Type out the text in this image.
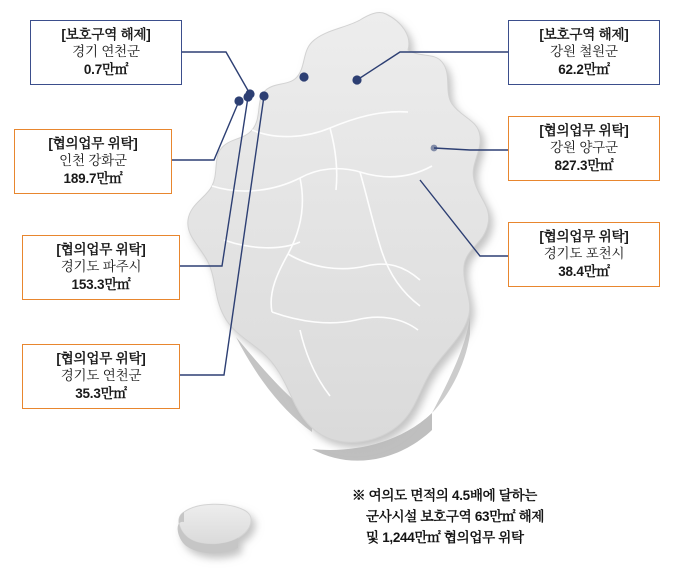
[보호구역 해제]
경기 연천군
0.7만㎡
[보호구역 해제]
강원 철원군
62.2만㎡
[협의업무 위탁]
인천 강화군
189.7만㎡
[협의업무 위탁]
강원 양구군
827.3만㎡
[협의업무 위탁]
경기도 파주시
153.3만㎡
[협의업무 위탁]
경기도 포천시
38.4만㎡
[협의업무 위탁]
경기도 연천군
35.3만㎡
※ 여의도 면적의 4.5배에 달하는
군사시설 보호구역 63만㎡ 해제
및 1,244만㎡ 협의업무 위탁
